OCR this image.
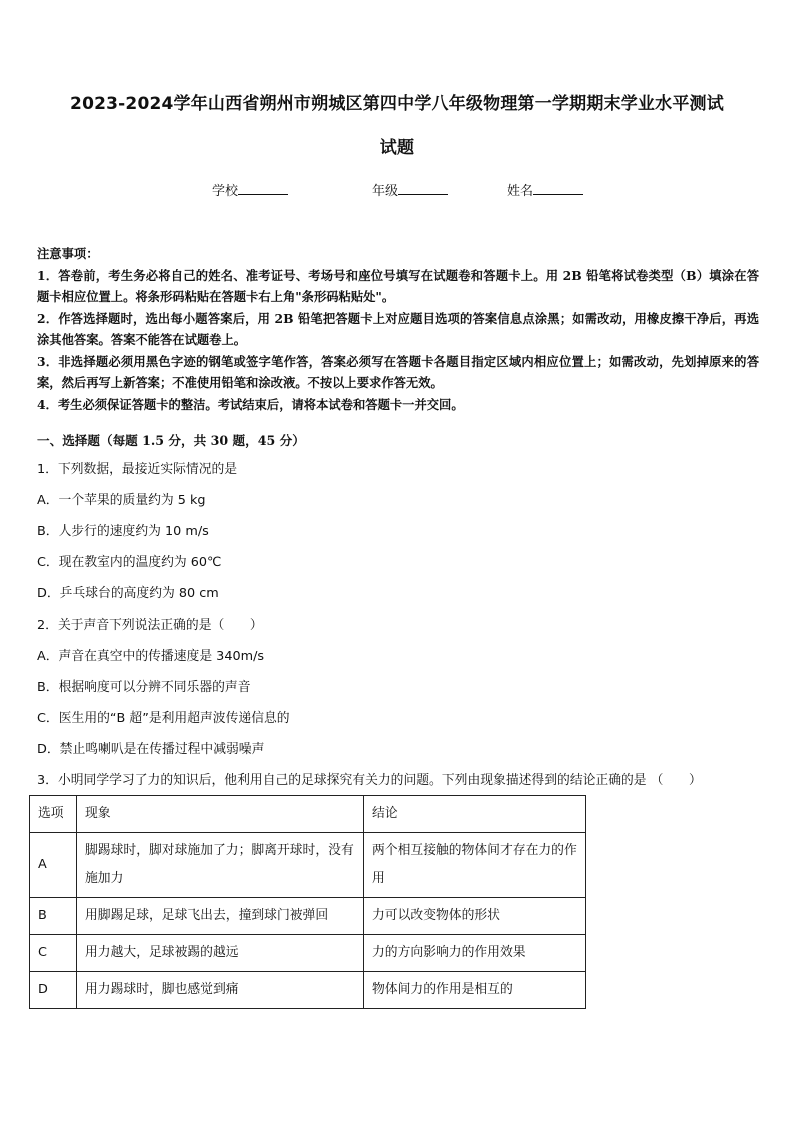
2023-2024学年山西省朔州市朔城区第四中学八年级物理第一学期期末学业水平测试
试题
学校	年级	姓名

注意事项：

1．答卷前，考生务必将自己的姓名、准考证号、考场号和座位号填写在试题卷和答题卡上。用 2B 铅笔将试卷类型（B）填涂在答题卡相应位置上。将条形码粘贴在答题卡右上角"条形码粘贴处"。

2．作答选择题时，选出每小题答案后，用 2B 铅笔把答题卡上对应题目选项的答案信息点涂黑；如需改动，用橡皮擦干净后，再选涂其他答案。答案不能答在试题卷上。

3．非选择题必须用黑色字迹的钢笔或签字笔作答，答案必须写在答题卡各题目指定区域内相应位置上；如需改动，先划掉原来的答案，然后再写上新答案；不准使用铅笔和涂改液。不按以上要求作答无效。

4．考生必须保证答题卡的整洁。考试结束后，请将本试卷和答题卡一并交回。

一、选择题（每题 1.5 分，共 30 题，45 分）
1．下列数据，最接近实际情况的是
A．一个苹果的质量约为 5 kg
B．人步行的速度约为 10 m/s
C．现在教室内的温度约为 60℃
D．乒乓球台的高度约为 80 cm
2．关于声音下列说法正确的是（　　）
A．声音在真空中的传播速度是 340m/s
B．根据响度可以分辨不同乐器的声音
C．医生用的“B 超”是利用超声波传递信息的
D．禁止鸣喇叭是在传播过程中减弱噪声
3．小明同学学习了力的知识后，他利用自己的足球探究有关力的问题。下列由现象描述得到的结论正确的是 （　　）
选项	现象	结论
A	脚踢球时，脚对球施加了力；脚离开球时，没有施加力	两个相互接触的物体间才存在力的作用
B	用脚踢足球，足球飞出去，撞到球门被弹回	力可以改变物体的形状
C	用力越大，足球被踢的越远	力的方向影响力的作用效果
D	用力踢球时，脚也感觉到痛	物体间力的作用是相互的
